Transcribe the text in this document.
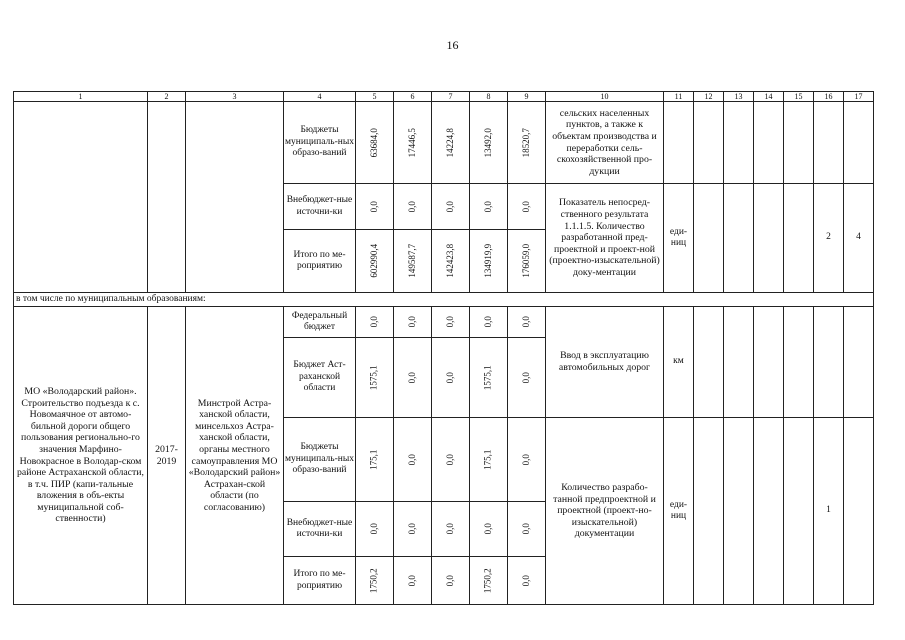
16
1	2	3	4	5	6	7	8	9	10	11	12	13	14	15	16	17
			Бюджеты муниципаль-ных образо-ваний	63684,0	17446,5	14224,8	13492,0	18520,7	сельских населенных пунктов, а также к объектам производства и переработки сель-скохозяйственной про-дукции							
			Внебюджет-ные источни-ки	0,0	0,0	0,0	0,0	0,0	Показатель непосред-ственного результата 1.1.1.5. Количество разработанной пред-проектной и проект-ной (проектно-изыскательной) доку-ментации	еди-ниц					2	4
			Итого по ме-роприятию	602990,4	149587,7	142423,8	134919,9	176059,0								
в том числе по муниципальным образованиям:																
МО «Володарский район». Строительство подъезда к с. Новомаячное от автомо-бильной дороги общего пользования регионально-го значения Марфино-Новокрасное в Володар-ском районе Астраханской области, в т.ч. ПИР (капи-тальные вложения в объ-екты муниципальной соб-ственности)	2017-2019	Минстрой Астра-ханской области, минсельхоз Астра-ханской области, органы местного самоуправления МО «Володарский район» Астрахан-ской области (по согласованию)	Федеральный бюджет	0,0	0,0	0,0	0,0	0,0	Ввод в эксплуатацию автомобильных дорог	км						
			Бюджет Аст-раханской области	1575,1	0,0	0,0	1575,1	0,0								
			Бюджеты муниципаль-ных образо-ваний	175,1	0,0	0,0	175,1	0,0	Количество разрабо-танной предпроектной и проектной (проект-но-изыскательной) документации	еди-ниц					1	
			Внебюджет-ные источни-ки	0,0	0,0	0,0	0,0	0,0								
			Итого по ме-роприятию	1750,2	0,0	0,0	1750,2	0,0								
